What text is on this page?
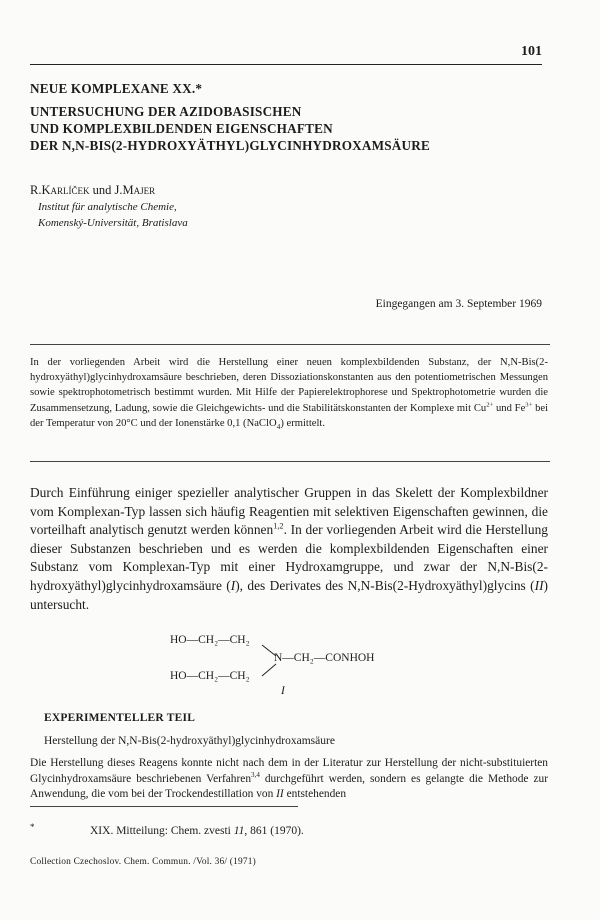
101
NEUE KOMPLEXANE XX.*
UNTERSUCHUNG DER AZIDOBASISCHEN
UND KOMPLEXBILDENDEN EIGENSCHAFTEN
DER N,N-BIS(2-HYDROXYÄTHYL)GLYCINHYDROXAMSÄURE
R.Karlíček und J.Majer
Institut für analytische Chemie,
Komenský-Universität, Bratislava
Eingegangen am 3. September 1969
In der vorliegenden Arbeit wird die Herstellung einer neuen komplexbildenden Substanz, der N,N-Bis(2-hydroxyäthyl)glycinhydroxamsäure beschrieben, deren Dissoziationskonstanten aus den potentiometrischen Messungen sowie spektrophotometrisch bestimmt wurden. Mit Hilfe der Papierelektrophorese und Spektrophotometrie wurden die Zusammensetzung, Ladung, sowie die Gleichgewichts- und die Stabilitätskonstanten der Komplexe mit $Cu^{2+}$ und $Fe^{3+}$ bei der Temperatur von 20°C und der Ionenstärke 0,1 (NaClO$_4$) ermittelt.
Durch Einführung einiger spezieller analytischer Gruppen in das Skelett der Komplexbildner vom Komplexan-Typ lassen sich häufig Reagentien mit selektiven Eigenschaften gewinnen, die vorteilhaft analytisch genutzt werden können$^{1,2}$. In der vorliegenden Arbeit wird die Herstellung dieser Substanzen beschrieben und es werden die komplexbildenden Eigenschaften einer Substanz vom Komplexan-Typ mit einer Hydroxamgruppe, und zwar der N,N-Bis(2-hydroxyäthyl)glycinhydroxamsäure (I), des Derivates des N,N-Bis(2-Hydroxyäthyl)glycins (II) untersucht.
HO—CH₂—CH₂
N—CH₂—CONHOH
HO—CH₂—CH₂
I
EXPERIMENTELLER TEIL
Herstellung der N,N-Bis(2-hydroxyäthyl)glycinhydroxamsäure
Die Herstellung dieses Reagens konnte nicht nach dem in der Literatur zur Herstellung der nicht-substituierten Glycinhydroxamsäure beschriebenen Verfahren$^{3,4}$ durchgeführt werden, sondern es gelangte die Methode zur Anwendung, die vom bei der Trockendestillation von II entstehenden
*	XIX. Mitteilung: Chem. zvesti 11, 861 (1970).
Collection Czechoslov. Chem. Commun. /Vol. 36/ (1971)
